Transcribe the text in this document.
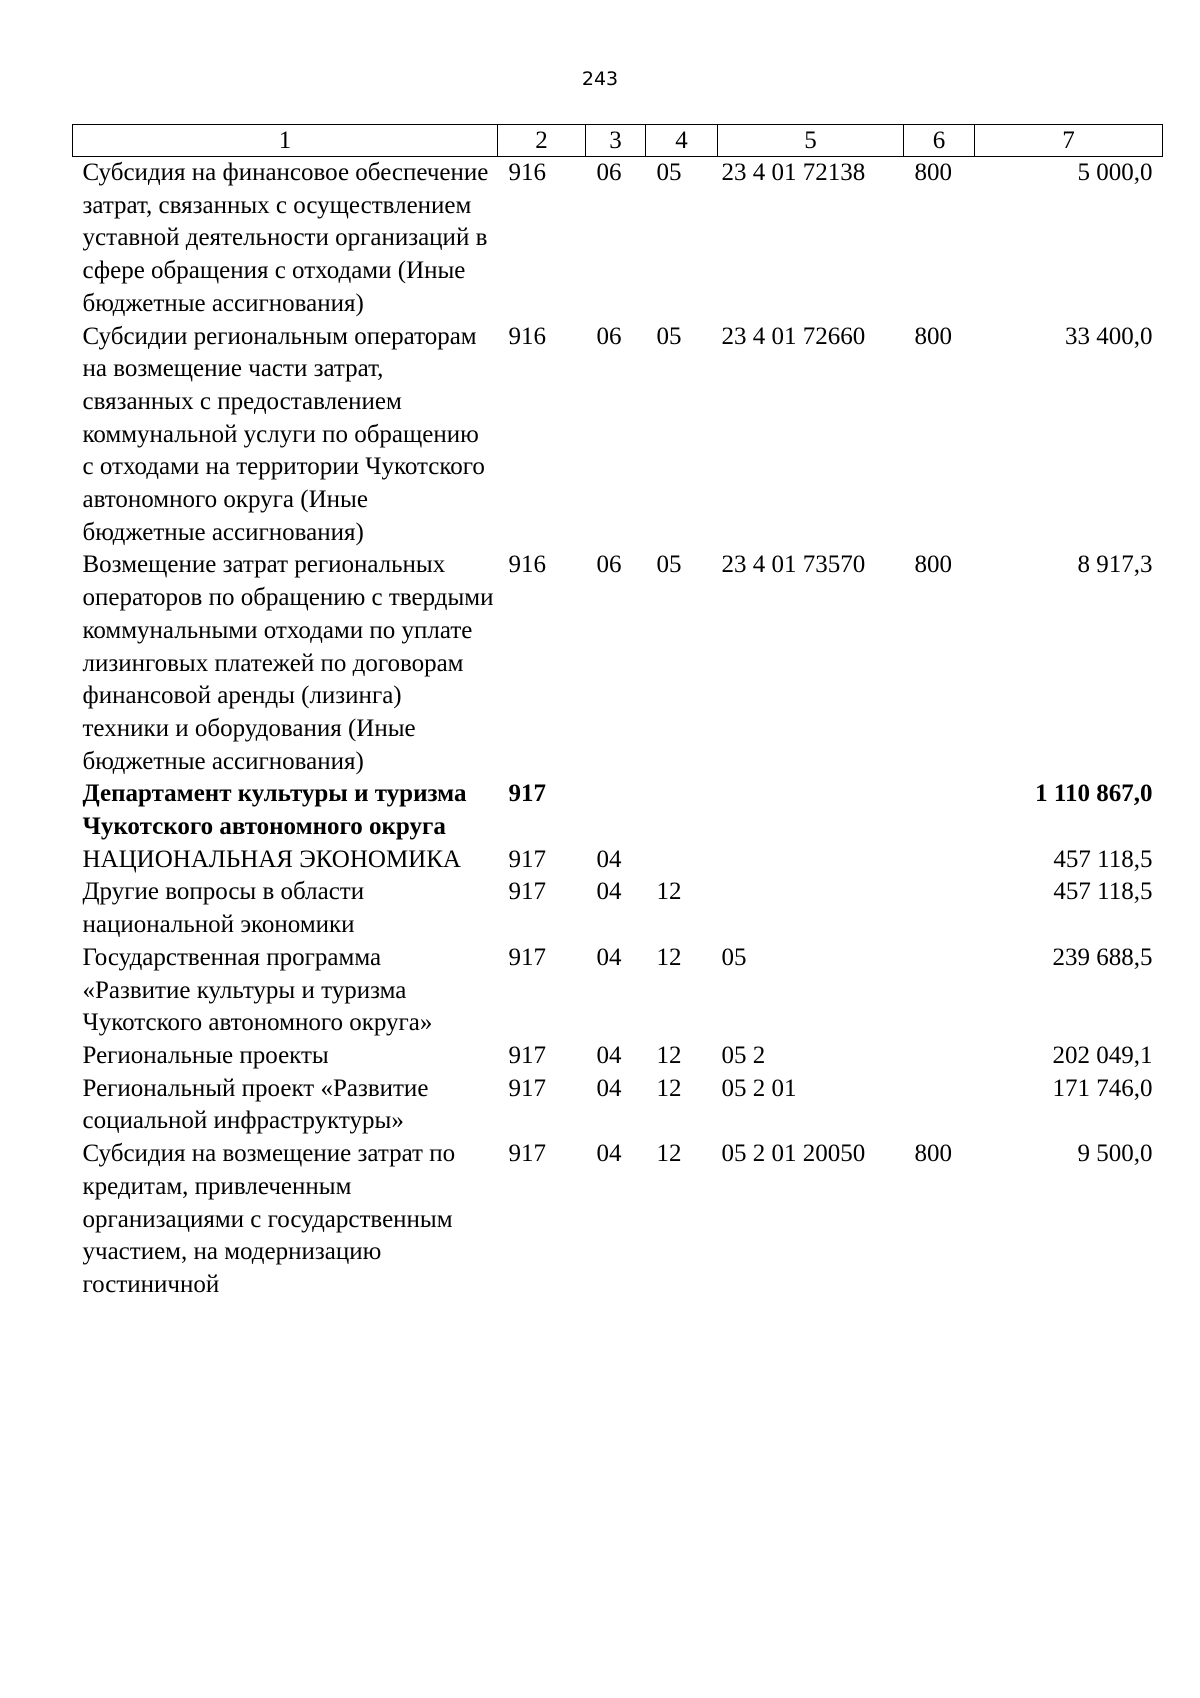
243
1	2	3	4	5	6	7
Субсидия на финансовое обеспечение затрат, связанных с осуществлением уставной деятельности организаций в сфере обращения с отходами (Иные бюджетные ассигнования)	916	06	05	23 4 01 72138	800	5 000,0
Субсидии региональным операторам на возмещение части затрат, связанных с предоставлением коммунальной услуги по обращению с отходами на территории Чукотского автономного округа (Иные бюджетные ассигнования)	916	06	05	23 4 01 72660	800	33 400,0
Возмещение затрат региональных операторов по обращению с твердыми коммунальными отходами по уплате лизинговых платежей по договорам финансовой аренды (лизинга) техники и оборудования (Иные бюджетные ассигнования)	916	06	05	23 4 01 73570	800	8 917,3
Департамент культуры и туризма Чукотского автономного округа	917					1 110 867,0
НАЦИОНАЛЬНАЯ ЭКОНОМИКА	917	04				457 118,5
Другие вопросы в области национальной экономики	917	04	12			457 118,5
Государственная программа «Развитие культуры и туризма Чукотского автономного округа»	917	04	12	05		239 688,5
Региональные проекты	917	04	12	05 2		202 049,1
Региональный проект «Развитие социальной инфраструктуры»	917	04	12	05 2 01		171 746,0
Субсидия на возмещение затрат по кредитам, привлеченным организациями с государственным участием, на модернизацию гостиничной	917	04	12	05 2 01 20050	800	9 500,0
